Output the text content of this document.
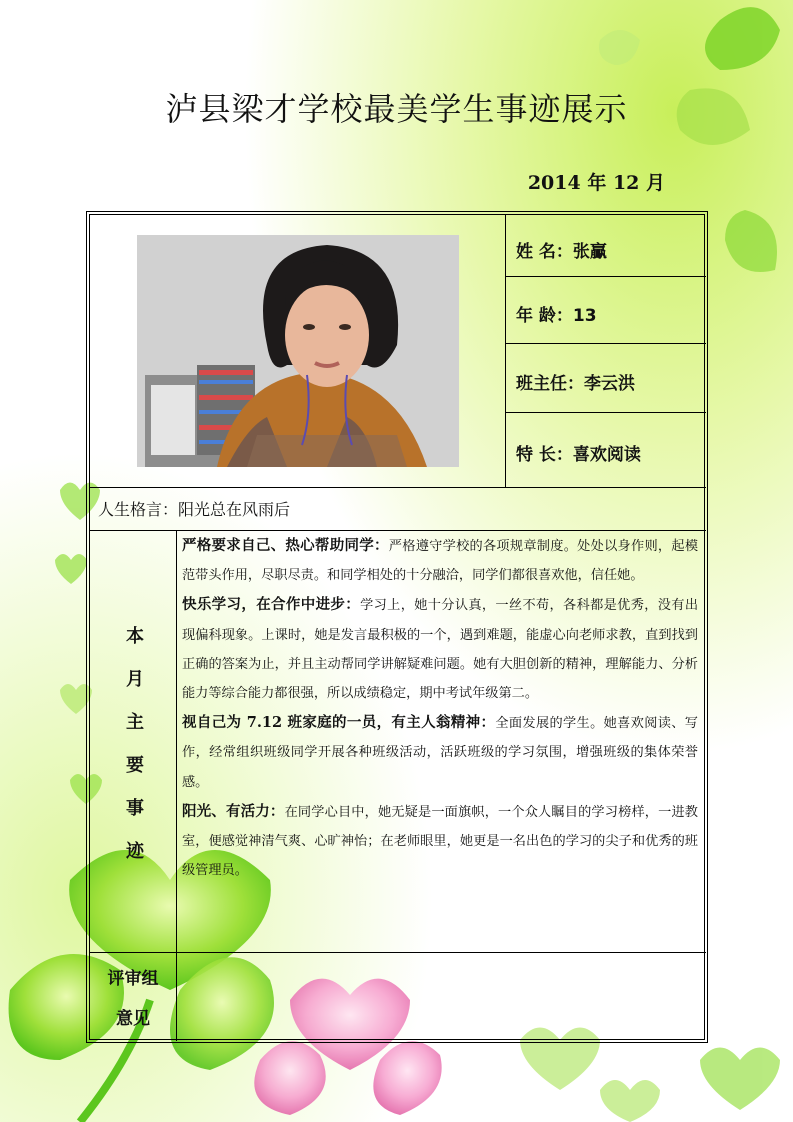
泸县梁才学校最美学生事迹展示
2014 年 12 月
姓 名：张鸁
年 龄：13
班主任：李云洪
特 长：喜欢阅读
人生格言：阳光总在风雨后
本
月
主
要
事
迹

严格要求自己、热心帮助同学：严格遵守学校的各项规章制度。处处以身作则，起模范带头作用，尽职尽责。和同学相处的十分融洽，同学们都很喜欢他，信任她。

快乐学习，在合作中进步：学习上，她十分认真，一丝不苟，各科都是优秀，没有出现偏科现象。上课时，她是发言最积极的一个，遇到难题，能虚心向老师求教，直到找到正确的答案为止，并且主动帮同学讲解疑难问题。她有大胆创新的精神，理解能力、分析能力等综合能力都很强，所以成绩稳定，期中考试年级第二。

视自己为 7.12 班家庭的一员，有主人翁精神：全面发展的学生。她喜欢阅读、写作，经常组织班级同学开展各种班级活动，活跃班级的学习氛围，增强班级的集体荣誉感。

阳光、有活力：在同学心目中，她无疑是一面旗帜，一个众人瞩目的学习榜样，一进教室，便感觉神清气爽、心旷神怡；在老师眼里，她更是一名出色的学习的尖子和优秀的班级管理员。

评审组
意见
